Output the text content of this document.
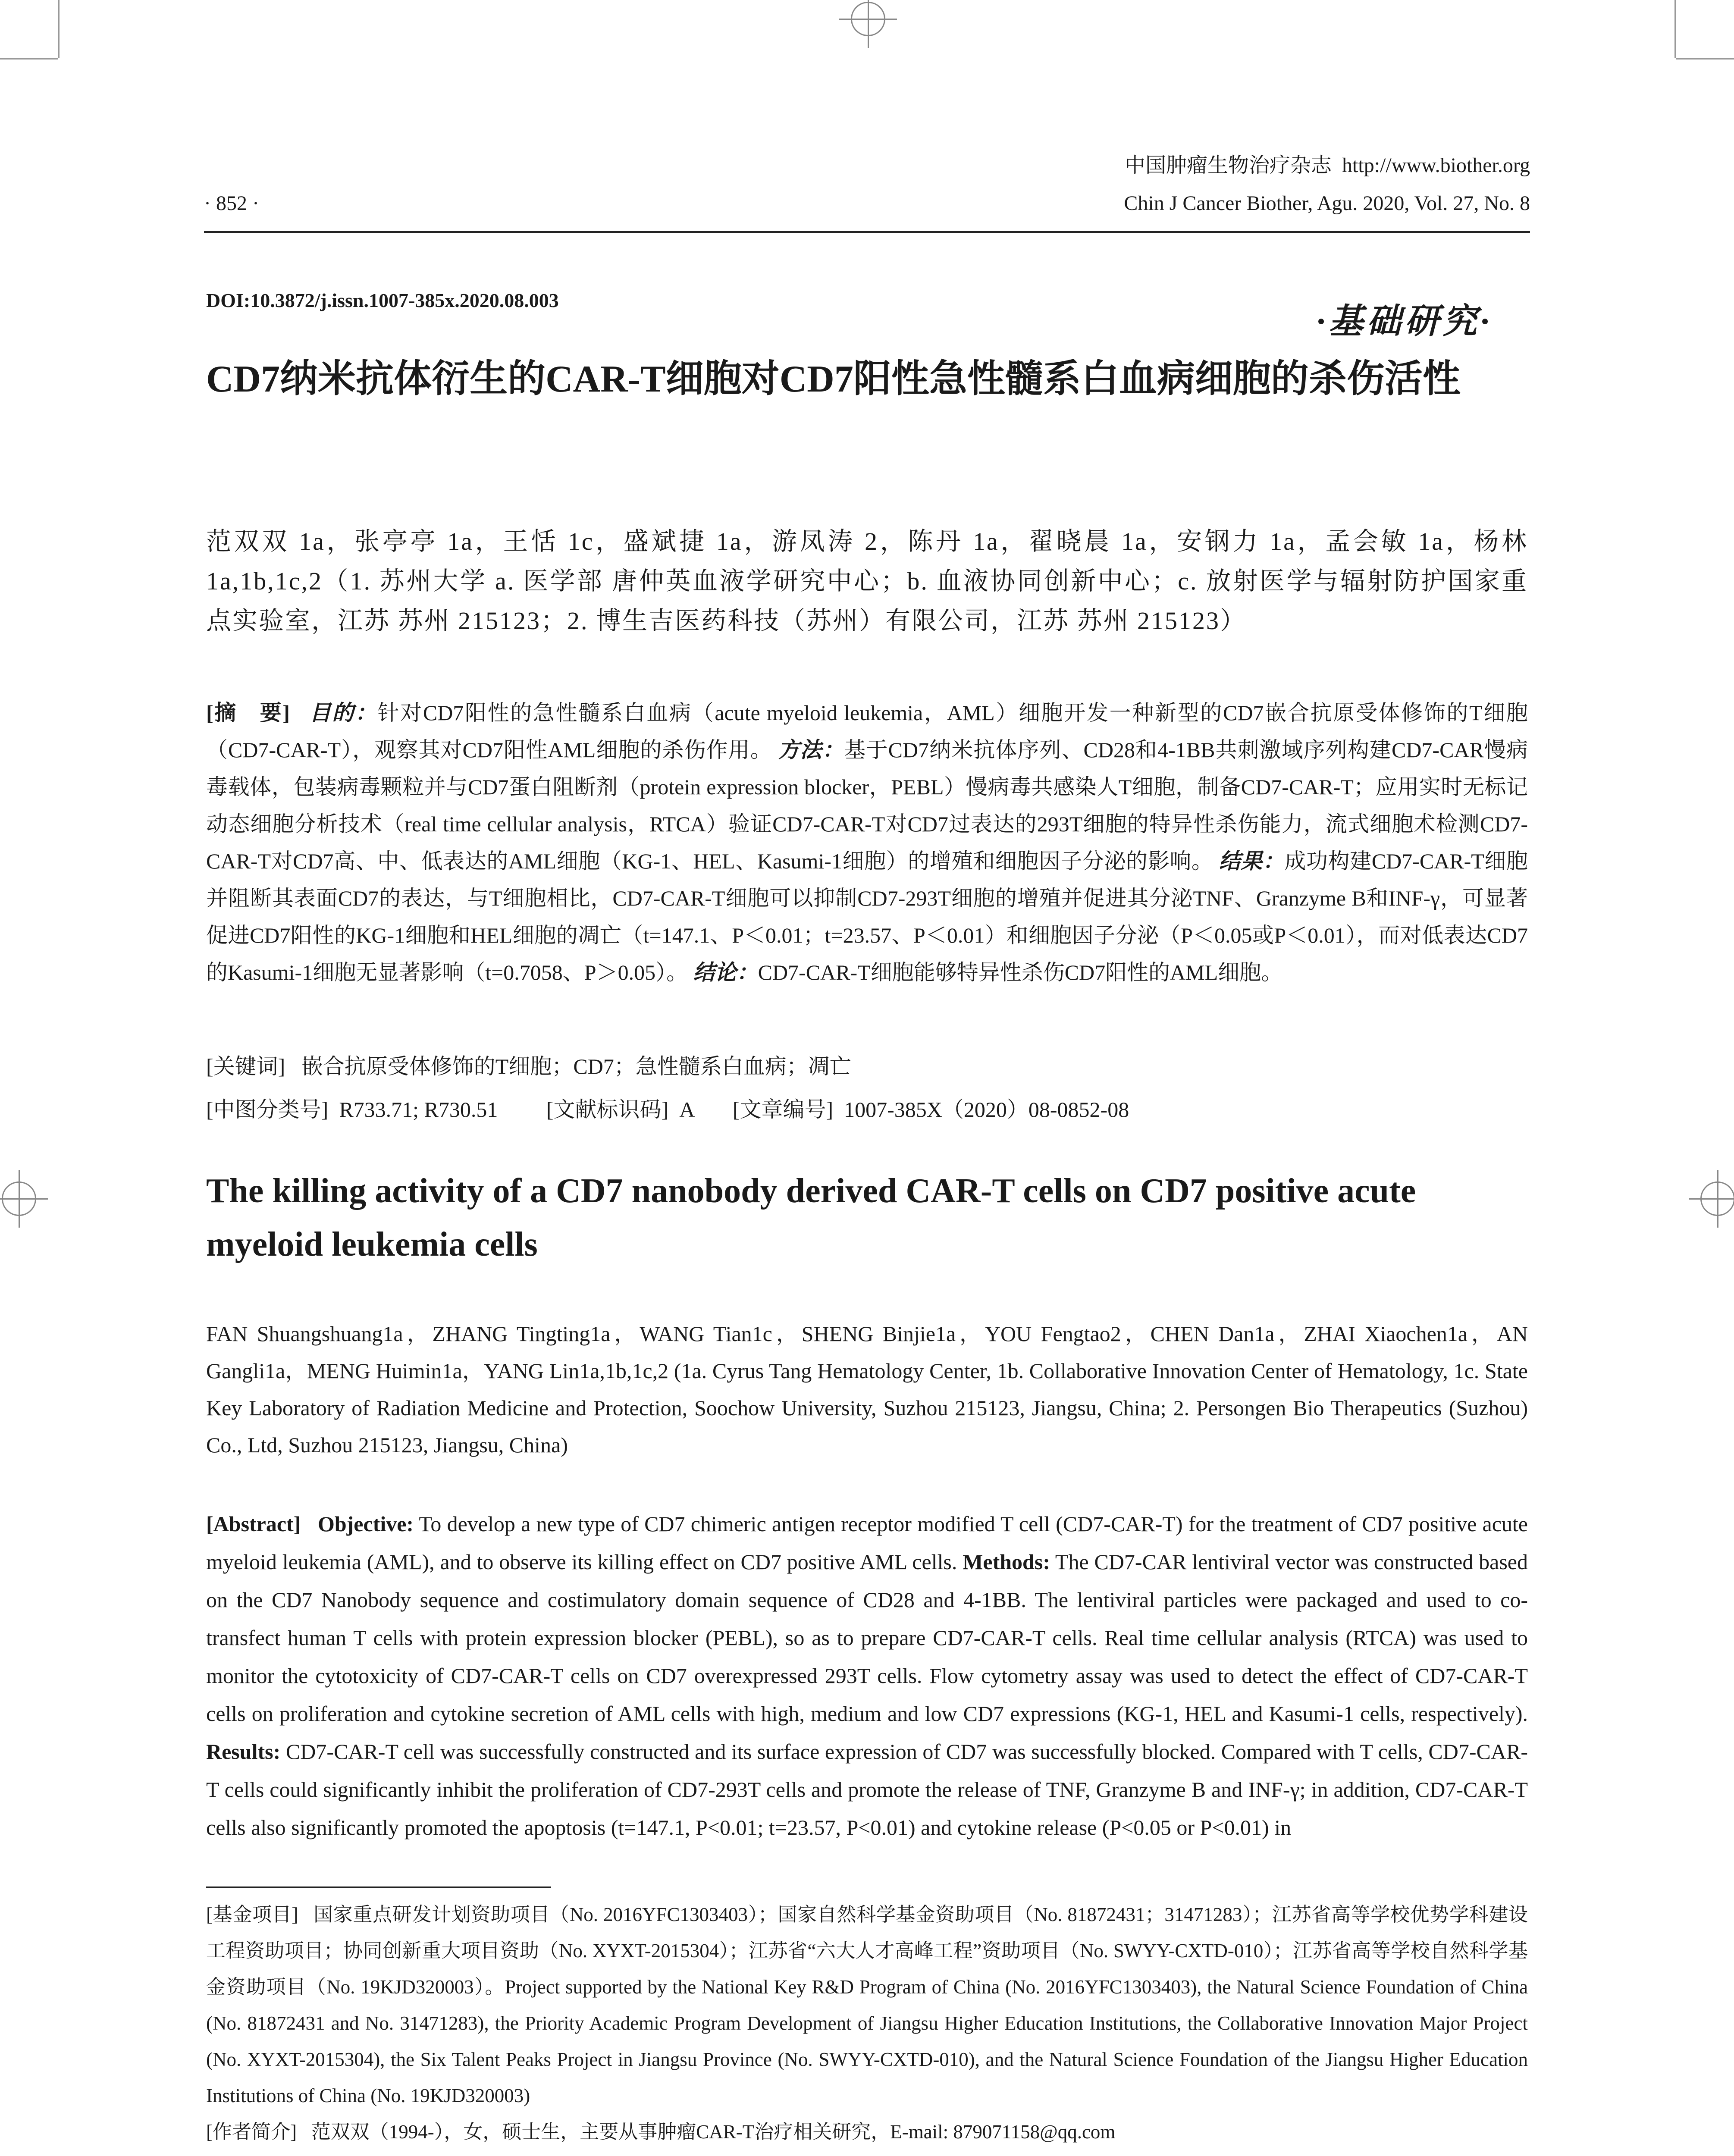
中国肿瘤生物治疗杂志 http://www.biother.org
Chin J Cancer Biother, Agu. 2020, Vol. 27, No. 8
· 852 ·
DOI:10.3872/j.issn.1007-385x.2020.08.003
·基础研究·
CD7纳米抗体衍生的CAR-T细胞对CD7阳性急性髓系白血病细胞的杀伤活性
范双双 1a，张亭亭 1a，王恬 1c，盛斌捷 1a，游凤涛 2，陈丹 1a，翟晓晨 1a，安钢力 1a，孟会敏 1a，杨林 1a,1b,1c,2（1. 苏州大学 a. 医学部 唐仲英血液学研究中心；b. 血液协同创新中心；c. 放射医学与辐射防护国家重点实验室，江苏 苏州 215123；2. 博生吉医药科技（苏州）有限公司，江苏 苏州 215123）
[摘　要] 目的：针对CD7阳性的急性髓系白血病（acute myeloid leukemia，AML）细胞开发一种新型的CD7嵌合抗原受体修饰的T细胞（CD7-CAR-T），观察其对CD7阳性AML细胞的杀伤作用。 方法：基于CD7纳米抗体序列、CD28和4-1BB共刺激域序列构建CD7-CAR慢病毒载体，包装病毒颗粒并与CD7蛋白阻断剂（protein expression blocker，PEBL）慢病毒共感染人T细胞，制备CD7-CAR-T；应用实时无标记动态细胞分析技术（real time cellular analysis，RTCA）验证CD7-CAR-T对CD7过表达的293T细胞的特异性杀伤能力，流式细胞术检测CD7-CAR-T对CD7高、中、低表达的AML细胞（KG-1、HEL、Kasumi-1细胞）的增殖和细胞因子分泌的影响。 结果：成功构建CD7-CAR-T细胞并阻断其表面CD7的表达，与T细胞相比，CD7-CAR-T细胞可以抑制CD7-293T细胞的增殖并促进其分泌TNF、Granzyme B和INF-γ，可显著促进CD7阳性的KG-1细胞和HEL细胞的凋亡（t=147.1、P＜0.01；t=23.57、P＜0.01）和细胞因子分泌（P＜0.05或P＜0.01），而对低表达CD7的Kasumi-1细胞无显著影响（t=0.7058、P＞0.05）。 结论：CD7-CAR-T细胞能够特异性杀伤CD7阳性的AML细胞。
[关键词] 嵌合抗原受体修饰的T细胞；CD7；急性髓系白血病；凋亡
[中图分类号] R733.71; R730.51 [文献标识码] A [文章编号] 1007-385X（2020）08-0852-08
The killing activity of a CD7 nanobody derived CAR-T cells on CD7 positive acute myeloid leukemia cells
FAN Shuangshuang1a，ZHANG Tingting1a，WANG Tian1c，SHENG Binjie1a，YOU Fengtao2，CHEN Dan1a，ZHAI Xiaochen1a，AN Gangli1a，MENG Huimin1a，YANG Lin1a,1b,1c,2 (1a. Cyrus Tang Hematology Center, 1b. Collaborative Innovation Center of Hematology, 1c. State Key Laboratory of Radiation Medicine and Protection, Soochow University, Suzhou 215123, Jiangsu, China; 2. Persongen Bio Therapeutics (Suzhou) Co., Ltd, Suzhou 215123, Jiangsu, China)
[Abstract] Objective: To develop a new type of CD7 chimeric antigen receptor modified T cell (CD7-CAR-T) for the treatment of CD7 positive acute myeloid leukemia (AML), and to observe its killing effect on CD7 positive AML cells. Methods: The CD7-CAR lentiviral vector was constructed based on the CD7 Nanobody sequence and costimulatory domain sequence of CD28 and 4-1BB. The lentiviral particles were packaged and used to co-transfect human T cells with protein expression blocker (PEBL), so as to prepare CD7-CAR-T cells. Real time cellular analysis (RTCA) was used to monitor the cytotoxicity of CD7-CAR-T cells on CD7 overexpressed 293T cells. Flow cytometry assay was used to detect the effect of CD7-CAR-T cells on proliferation and cytokine secretion of AML cells with high, medium and low CD7 expressions (KG-1, HEL and Kasumi-1 cells, respectively). Results: CD7-CAR-T cell was successfully constructed and its surface expression of CD7 was successfully blocked. Compared with T cells, CD7-CAR-T cells could significantly inhibit the proliferation of CD7-293T cells and promote the release of TNF, Granzyme B and INF-γ; in addition, CD7-CAR-T cells also significantly promoted the apoptosis (t=147.1, P<0.01; t=23.57, P<0.01) and cytokine release (P<0.05 or P<0.01) in

[基金项目] 国家重点研发计划资助项目（No. 2016YFC1303403）；国家自然科学基金资助项目（No. 81872431；31471283）；江苏省高等学校优势学科建设工程资助项目；协同创新重大项目资助（No. XYXT-2015304）；江苏省“六大人才高峰工程”资助项目（No. SWYY-CXTD-010）；江苏省高等学校自然科学基金资助项目（No. 19KJD320003）。Project supported by the National Key R&D Program of China (No. 2016YFC1303403), the Natural Science Foundation of China (No. 81872431 and No. 31471283), the Priority Academic Program Development of Jiangsu Higher Education Institutions, the Collaborative Innovation Major Project (No. XYXT-2015304), the Six Talent Peaks Project in Jiangsu Province (No. SWYY-CXTD-010), and the Natural Science Foundation of the Jiangsu Higher Education Institutions of China (No. 19KJD320003)

[作者简介] 范双双（1994-），女，硕士生，主要从事肿瘤CAR-T治疗相关研究，E-mail: 879071158@qq.com
